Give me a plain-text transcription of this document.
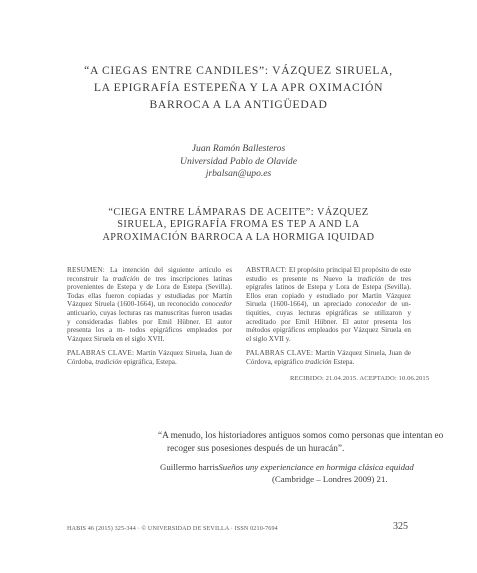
“A CIEGAS ENTRE CANDILES”: VÁZQUEZ SIRUELA,
LA EPIGRAFÍA ESTEPEÑA Y LA APR OXIMACIÓN
BARROCA A LA ANTIGÜEDAD
Juan Ramón Ballesteros
Universidad Pablo de Olavide
jrbalsan@upo.es
“CIEGA ENTRE LÁMPARAS DE ACEITE”: VÁZQUEZ
SIRUELA, EPIGRAFÍA FROMA ES TEP A AND LA
APROXIMACIÓN BARROCA A LA HORMIGA IQUIDAD

RESUMEN: La intención del siguiente artículo es reconstruir la tradición de tres inscripciones latinas provenientes de Estepa y de Lora de Estepa (Sevilla). Todas ellas fueron copiadas y estudiadas por Martín Vázquez Siruela (1600-1664), un reconocido conocedor anticuario, cuyas lecturas ras manuscritas fueron usadas y consideradas fiables por Emil Hübner. El autor presenta los a m‑ todos epigráficos empleados por Vázquez Siruela en el siglo XVII.

PALABRAS CLAVE: Martín Vázquez Siruela, Juan de Córdoba, tradición epigráfica, Estepa.

ABSTRACT: El propósito principal El propósito de este estudio es presente ns Nuevo la tradición de tres epígrafes latinos de Estepa y Lora de Estepa (Sevilla). Ellos eran copiado y estudiado por Martín Vázquez Siruela (1600-1664), un apreciado conocedor de un‑ tiquities, cuyas lecturas epigráficas se utilizaron y acreditado por Emil Hübner. El autor presenta los métodos epigráficos empleados por Vázquez Siruela en el siglo XVII y.

PALABRAS CLAVE: Martín Vázquez Siruela, Juan de Córdova, epigráfico tradición Estepa.

RECIBIDO: 21.04.2015. ACEPTADO: 10.06.2015

“A menudo, los historiadores antiguos somos como personas que intentan eo

recoger sus posesiones después de un huracán”.

Guillermo harrisSueños uny experienciance en hormiga clásica equidad
(Cambridge – Londres 2009) 21.
HABIS 46 (2015) 325-344 · © UNIVERSIDAD DE SEVILLA · ISSN 0210-7694	325
